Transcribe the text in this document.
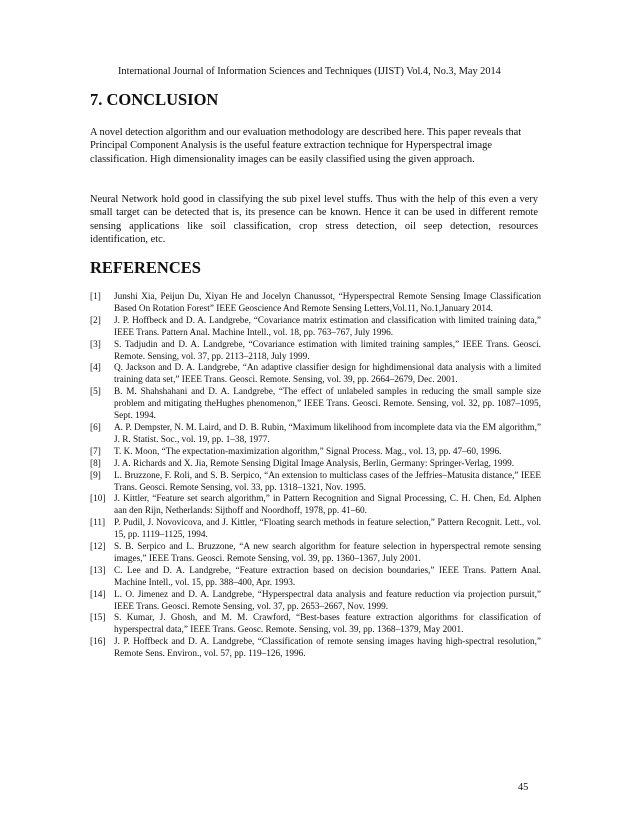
International Journal of Information Sciences and Techniques (IJIST) Vol.4, No.3, May 2014
7. CONCLUSION

A novel detection algorithm and our evaluation methodology are described here. This paper reveals that Principal Component Analysis is the useful feature extraction technique for Hyperspectral image classification. High dimensionality images can be easily classified using the given approach.

Neural Network hold good in classifying the sub pixel level stuffs. Thus with the help of this even a very small target can be detected that is, its presence can be known. Hence it can be used in different remote sensing applications like soil classification, crop stress detection, oil seep detection, resources identification, etc.

REFERENCES
[1]	Junshi Xia, Peijun Du, Xiyan He and Jocelyn Chanussot, “Hyperspectral Remote Sensing Image Classification Based On Rotation Forest” IEEE Geoscience And Remote Sensing Letters,Vol.11, No.1,January 2014.
[2]	J. P. Hoffbeck and D. A. Landgrebe, “Covariance matrix estimation and classification with limited training data,” IEEE Trans. Pattern Anal. Machine Intell., vol. 18, pp. 763–767, July 1996.
[3]	S. Tadjudin and D. A. Landgrebe, “Covariance estimation with limited training samples,” IEEE Trans. Geosci. Remote. Sensing, vol. 37, pp. 2113–2118, July 1999.
[4]	Q. Jackson and D. A. Landgrebe, “An adaptive classifier design for highdimensional data analysis with a limited training data set,” IEEE Trans. Geosci. Remote. Sensing, vol. 39, pp. 2664–2679, Dec. 2001.
[5]	B. M. Shahshahani and D. A. Landgrebe, “The effect of unlabeled samples in reducing the small sample size problem and mitigating theHughes phenomenon,” IEEE Trans. Geosci. Remote. Sensing, vol. 32, pp. 1087–1095, Sept. 1994.
[6]	A. P. Dempster, N. M. Laird, and D. B. Rubin, “Maximum likelihood from incomplete data via the EM algorithm,” J. R. Statist. Soc., vol. 19, pp. 1–38, 1977.
[7]	T. K. Moon, “The expectation-maximization algorithm,” Signal Process. Mag., vol. 13, pp. 47–60, 1996.
[8]	J. A. Richards and X. Jia, Remote Sensing Digital Image Analysis, Berlin, Germany: Springer-Verlag, 1999.
[9]	L. Bruzzone, F. Roli, and S. B. Serpico, “An extension to multiclass cases of the Jeffries–Matusita distance,” IEEE Trans. Geosci. Remote Sensing, vol. 33, pp. 1318–1321, Nov. 1995.
[10] J. Kittler, “Feature set search algorithm,” in Pattern Recognition and Signal Processing, C. H. Chen, Ed. Alphen aan den Rijn, Netherlands: Sijthoff and Noordhoff, 1978, pp. 41–60.
[11] P. Pudil, J. Novovicova, and J. Kittler, “Floating search methods in feature selection,” Pattern Recognit. Lett., vol. 15, pp. 1119–1125, 1994.
[12] S. B. Serpico and L. Bruzzone, “A new search algorithm for feature selection in hyperspectral remote sensing images,” IEEE Trans. Geosci. Remote Sensing, vol. 39, pp. 1360–1367, July 2001.
[13] C. Lee and D. A. Landgrebe, “Feature extraction based on decision boundaries,” IEEE Trans. Pattern Anal. Machine Intell., vol. 15, pp. 388–400, Apr. 1993.
[14] L. O. Jimenez and D. A. Landgrebe, “Hyperspectral data analysis and feature reduction via projection pursuit,” IEEE Trans. Geosci. Remote Sensing, vol. 37, pp. 2653–2667, Nov. 1999.
[15] S. Kumar, J. Ghosh, and M. M. Crawford, “Best-bases feature extraction algorithms for classification of hyperspectral data,” IEEE Trans. Geosc. Remote. Sensing, vol. 39, pp. 1368–1379, May 2001.
[16] J. P. Hoffbeck and D. A. Landgrebe, “Classification of remote sensing images having high-spectral resolution,” Remote Sens. Environ., vol. 57, pp. 119–126, 1996.
45
